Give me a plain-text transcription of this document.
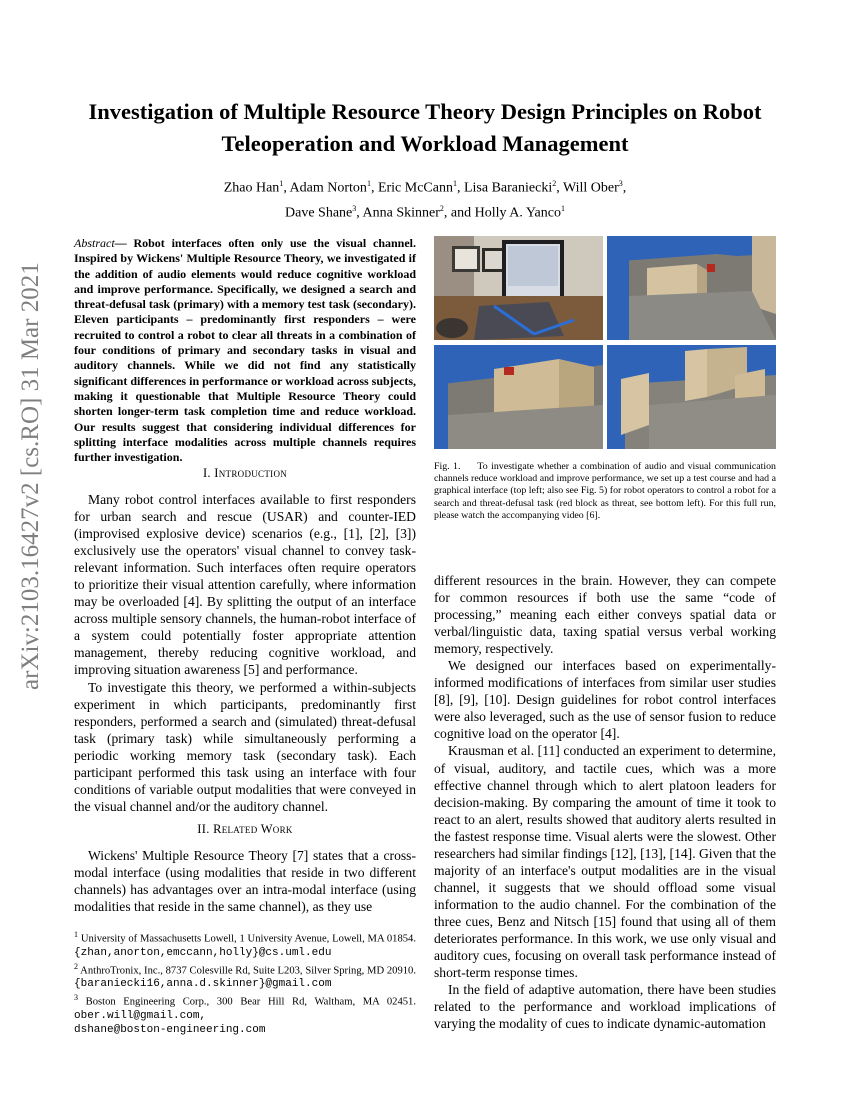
arXiv:2103.16427v2 [cs.RO] 31 Mar 2021
Investigation of Multiple Resource Theory Design Principles on Robot
Teleoperation and Workload Management
Zhao Han$^1$, Adam Norton$^1$, Eric McCann$^1$, Lisa Baraniecki$^2$, Will Ober$^3$,
Dave Shane$^3$, Anna Skinner$^2$, and Holly A. Yanco$^1$
Abstract— Robot interfaces often only use the visual channel. Inspired by Wickens' Multiple Resource Theory, we investigated if the addition of audio elements would reduce cognitive workload and improve performance. Specifically, we designed a search and threat-defusal task (primary) with a memory test task (secondary). Eleven participants – predominantly first responders – were recruited to control a robot to clear all threats in a combination of four conditions of primary and secondary tasks in visual and auditory channels. While we did not find any statistically significant differences in performance or workload across subjects, making it questionable that Multiple Resource Theory could shorten longer-term task completion time and reduce workload. Our results suggest that considering individual differences for splitting interface modalities across multiple channels requires further investigation.
I. Introduction

Many robot control interfaces available to first responders for urban search and rescue (USAR) and counter-IED (improvised explosive device) scenarios (e.g., [1], [2], [3]) exclusively use the operators' visual channel to convey task-relevant information. Such interfaces often require operators to prioritize their visual attention carefully, where information may be overloaded [4]. By splitting the output of an interface across multiple sensory channels, the human-robot interface of a system could potentially foster appropriate attention management, thereby reducing cognitive workload, and improving situation awareness [5] and performance.

To investigate this theory, we performed a within-subjects experiment in which participants, predominantly first responders, performed a search and (simulated) threat-defusal task (primary task) while simultaneously performing a periodic working memory task (secondary task). Each participant performed this task using an interface with four conditions of variable output modalities that were conveyed in the visual channel and/or the auditory channel.

II. Related Work

Wickens' Multiple Resource Theory [7] states that a cross-modal interface (using modalities that reside in two different channels) has advantages over an intra-modal interface (using modalities that reside in the same channel), as they use

$^1$ University of Massachusetts Lowell, 1 University Avenue, Lowell, MA 01854. {zhan,anorton,emccann,holly}@cs.uml.edu
$^2$ AnthroTronix, Inc., 8737 Colesville Rd, Suite L203, Silver Spring, MD 20910. {baraniecki16,anna.d.skinner}@gmail.com
$^3$ Boston Engineering Corp., 300 Bear Hill Rd, Waltham, MA 02451. ober.will@gmail.com,
dshane@boston-engineering.com
Fig. 1. To investigate whether a combination of audio and visual communication channels reduce workload and improve performance, we set up a test course and had a graphical interface (top left; also see Fig. 5) for robot operators to control a robot for a search and threat-defusal task (red block as threat, see bottom left). For this full run, please watch the accompanying video [6].

different resources in the brain. However, they can compete for common resources if both use the same “code of processing,” meaning each either conveys spatial data or verbal/linguistic data, taxing spatial versus verbal working memory, respectively.

We designed our interfaces based on experimentally-informed modifications of interfaces from similar user studies [8], [9], [10]. Design guidelines for robot control interfaces were also leveraged, such as the use of sensor fusion to reduce cognitive load on the operator [4].

Krausman et al. [11] conducted an experiment to determine, of visual, auditory, and tactile cues, which was a more effective channel through which to alert platoon leaders for decision-making. By comparing the amount of time it took to react to an alert, results showed that auditory alerts resulted in the fastest response time. Visual alerts were the slowest. Other researchers had similar findings [12], [13], [14]. Given that the majority of an interface's output modalities are in the visual channel, it suggests that we should offload some visual information to the audio channel. For the combination of the three cues, Benz and Nitsch [15] found that using all of them deteriorates performance. In this work, we use only visual and auditory cues, focusing on overall task performance instead of short-term response times.

In the field of adaptive automation, there have been studies related to the performance and workload implications of varying the modality of cues to indicate dynamic-automation
